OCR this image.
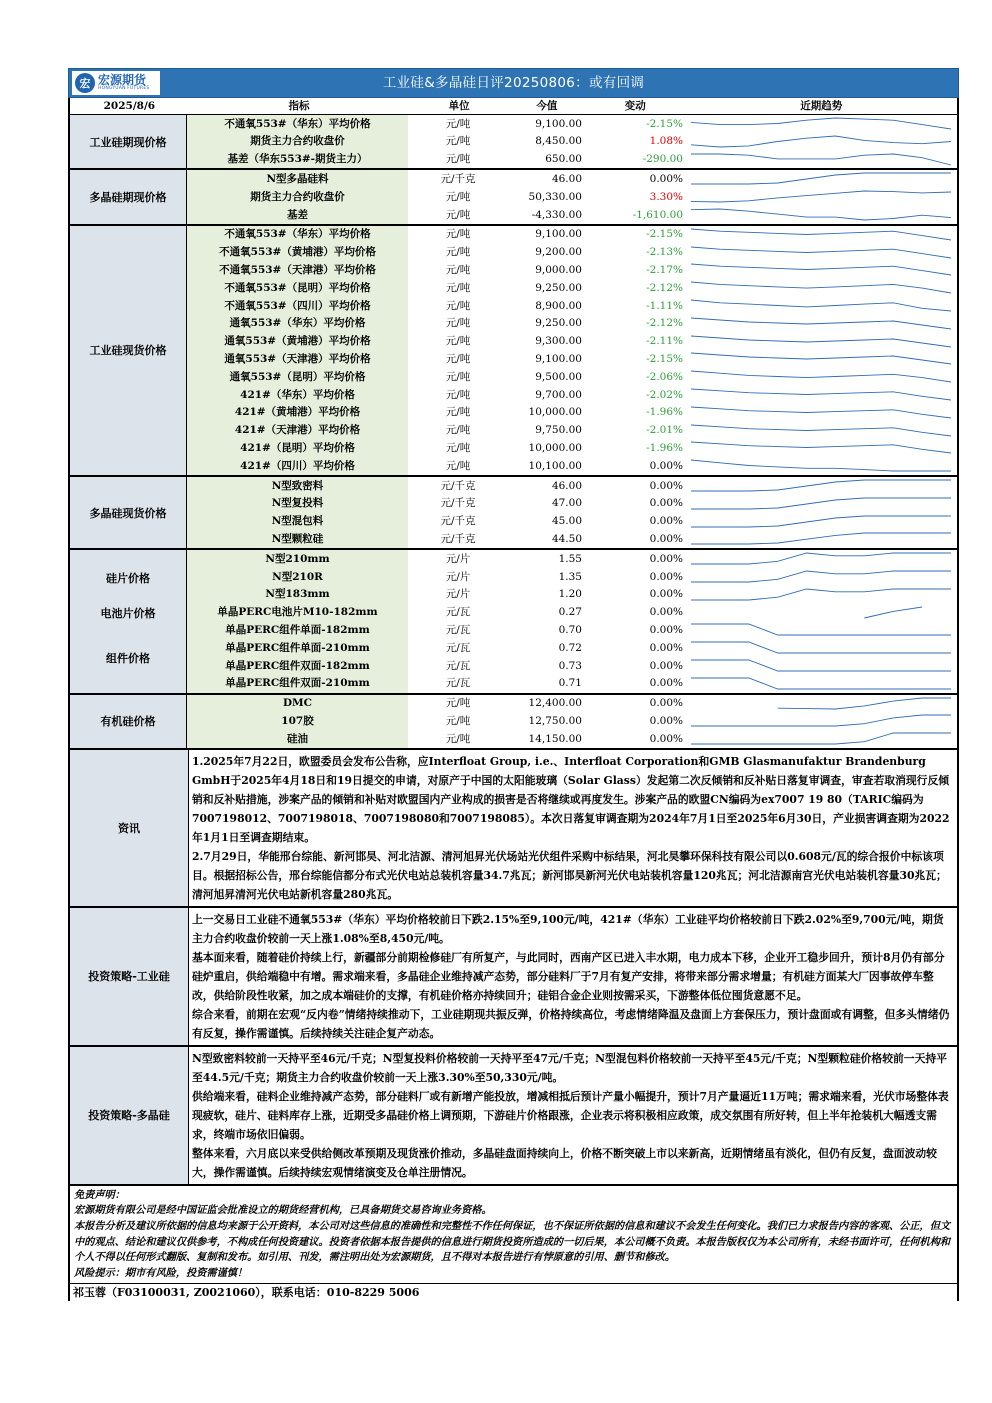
宏 宏源期货
HONGYUAN FUTURES	工业硅&多晶硅日评20250806：或有回调
2025/8/6	指标	单位	今值	变动	近期趋势
工业硅期现价格
不通氧553#（华东）平均价格	元/吨	9,100.00	-2.15%
期货主力合约收盘价	元/吨	8,450.00	1.08%
基差（华东553#-期货主力）	元/吨	650.00	-290.00
多晶硅期现价格
N型多晶硅料	元/千克	46.00	0.00%
期货主力合约收盘价	元/吨	50,330.00	3.30%
基差	元/吨	-4,330.00	-1,610.00
工业硅现货价格
不通氧553#（华东）平均价格	元/吨	9,100.00	-2.15%
不通氧553#（黄埔港）平均价格	元/吨	9,200.00	-2.13%
不通氧553#（天津港）平均价格	元/吨	9,000.00	-2.17%
不通氧553#（昆明）平均价格	元/吨	9,250.00	-2.12%
不通氧553#（四川）平均价格	元/吨	8,900.00	-1.11%
通氧553#（华东）平均价格	元/吨	9,250.00	-2.12%
通氧553#（黄埔港）平均价格	元/吨	9,300.00	-2.11%
通氧553#（天津港）平均价格	元/吨	9,100.00	-2.15%
通氧553#（昆明）平均价格	元/吨	9,500.00	-2.06%
421#（华东）平均价格	元/吨	9,700.00	-2.02%
421#（黄埔港）平均价格	元/吨	10,000.00	-1.96%
421#（天津港）平均价格	元/吨	9,750.00	-2.01%
421#（昆明）平均价格	元/吨	10,000.00	-1.96%
421#（四川）平均价格	元/吨	10,100.00	0.00%
多晶硅现货价格
N型致密料	元/千克	46.00	0.00%
N型复投料	元/千克	47.00	0.00%
N型混包料	元/千克	45.00	0.00%
N型颗粒硅	元/千克	44.50	0.00%
硅片价格
电池片价格
组件价格
N型210mm	元/片	1.55	0.00%
N型210R	元/片	1.35	0.00%
N型183mm	元/片	1.20	0.00%
单晶PERC电池片M10-182mm	元/瓦	0.27	0.00%
单晶PERC组件单面-182mm	元/瓦	0.70	0.00%
单晶PERC组件单面-210mm	元/瓦	0.72	0.00%
单晶PERC组件双面-182mm	元/瓦	0.73	0.00%
单晶PERC组件双面-210mm	元/瓦	0.71	0.00%
有机硅价格
DMC	元/吨	12,400.00	0.00%
107胶	元/吨	12,750.00	0.00%
硅油	元/吨	14,150.00	0.00%
资讯

1.2025年7月22日，欧盟委员会发布公告称，应Interfloat Group, i.e.、Interfloat Corporation和GMB Glasmanufaktur Brandenburg GmbH于2025年4月18日和19日提交的申请，对原产于中国的太阳能玻璃（Solar Glass）发起第二次反倾销和反补贴日落复审调查，审查若取消现行反倾销和反补贴措施，涉案产品的倾销和补贴对欧盟国内产业构成的损害是否将继续或再度发生。涉案产品的欧盟CN编码为ex7007 19 80（TARIC编码为7007198012、7007198018、7007198080和7007198085）。本次日落复审调查期为2024年7月1日至2025年6月30日，产业损害调查期为2022年1月1日至调查期结束。

2.7月29日，华能邢台综能、新河邯昊、河北洁源、清河旭昇光伏场站光伏组件采购中标结果，河北昊攀环保科技有限公司以0.608元/瓦的综合报价中标该项目。根据招标公告，邢台综能信都分布式光伏电站总装机容量34.7兆瓦；新河邯昊新河光伏电站装机容量120兆瓦；河北洁源南宫光伏电站装机容量30兆瓦；清河旭昇清河光伏电站新机容量280兆瓦。

投资策略-工业硅

上一交易日工业硅不通氧553#（华东）平均价格较前日下跌2.15%至9,100元/吨，421#（华东）工业硅平均价格较前日下跌2.02%至9,700元/吨，期货主力合约收盘价较前一天上涨1.08%至8,450元/吨。

基本面来看，随着硅价持续上行，新疆部分前期检修硅厂有所复产，与此同时，西南产区已进入丰水期，电力成本下移，企业开工稳步回升，预计8月仍有部分硅炉重启，供给端稳中有增。需求端来看，多晶硅企业维持减产态势，部分硅料厂于7月有复产安排，将带来部分需求增量；有机硅方面某大厂因事故停车整改，供给阶段性收紧，加之成本端硅价的支撑，有机硅价格亦持续回升；硅铝合金企业则按需采买，下游整体低位囤货意愿不足。

综合来看，前期在宏观“反内卷”情绪持续推动下，工业硅期现共振反弹，价格持续高位，考虑情绪降温及盘面上方套保压力，预计盘面或有调整，但多头情绪仍有反复，操作需谨慎。后续持续关注硅企复产动态。

投资策略-多晶硅

N型致密料较前一天持平至46元/千克；N型复投料价格较前一天持平至47元/千克；N型混包料价格较前一天持平至45元/千克；N型颗粒硅价格较前一天持平至44.5元/千克；期货主力合约收盘价较前一天上涨3.30%至50,330元/吨。

供给端来看，硅料企业维持减产态势，部分硅料厂或有新增产能投放，增减相抵后预计产量小幅提升，预计7月产量逼近11万吨；需求端来看，光伏市场整体表现疲软，硅片、硅料库存上涨，近期受多晶硅价格上调预期，下游硅片价格跟涨，企业表示将积极相应政策，成交氛围有所好转，但上半年抢装机大幅透支需求，终端市场依旧偏弱。

整体来看，六月底以来受供给侧改革预期及现货涨价推动，多晶硅盘面持续向上，价格不断突破上市以来新高，近期情绪虽有淡化，但仍有反复，盘面波动较大，操作需谨慎。后续持续宏观情绪演变及仓单注册情况。

免责声明：
宏源期货有限公司是经中国证监会批准设立的期货经营机构，已具备期货交易咨询业务资格。
本报告分析及建议所依据的信息均来源于公开资料，本公司对这些信息的准确性和完整性不作任何保证，也不保证所依据的信息和建议不会发生任何变化。我们已力求报告内容的客观、公正，但文中的观点、结论和建议仅供参考，不构成任何投资建议。投资者依据本报告提供的信息进行期货投资所造成的一切后果，本公司概不负责。本报告版权仅为本公司所有，未经书面许可，任何机构和个人不得以任何形式翻版、复制和发布。如引用、刊发，需注明出处为宏源期货，且不得对本报告进行有悖原意的引用、删节和修改。
风险提示：期市有风险，投资需谨慎！
祁玉蓉（F03100031, Z0021060），联系电话：010-8229 5006
